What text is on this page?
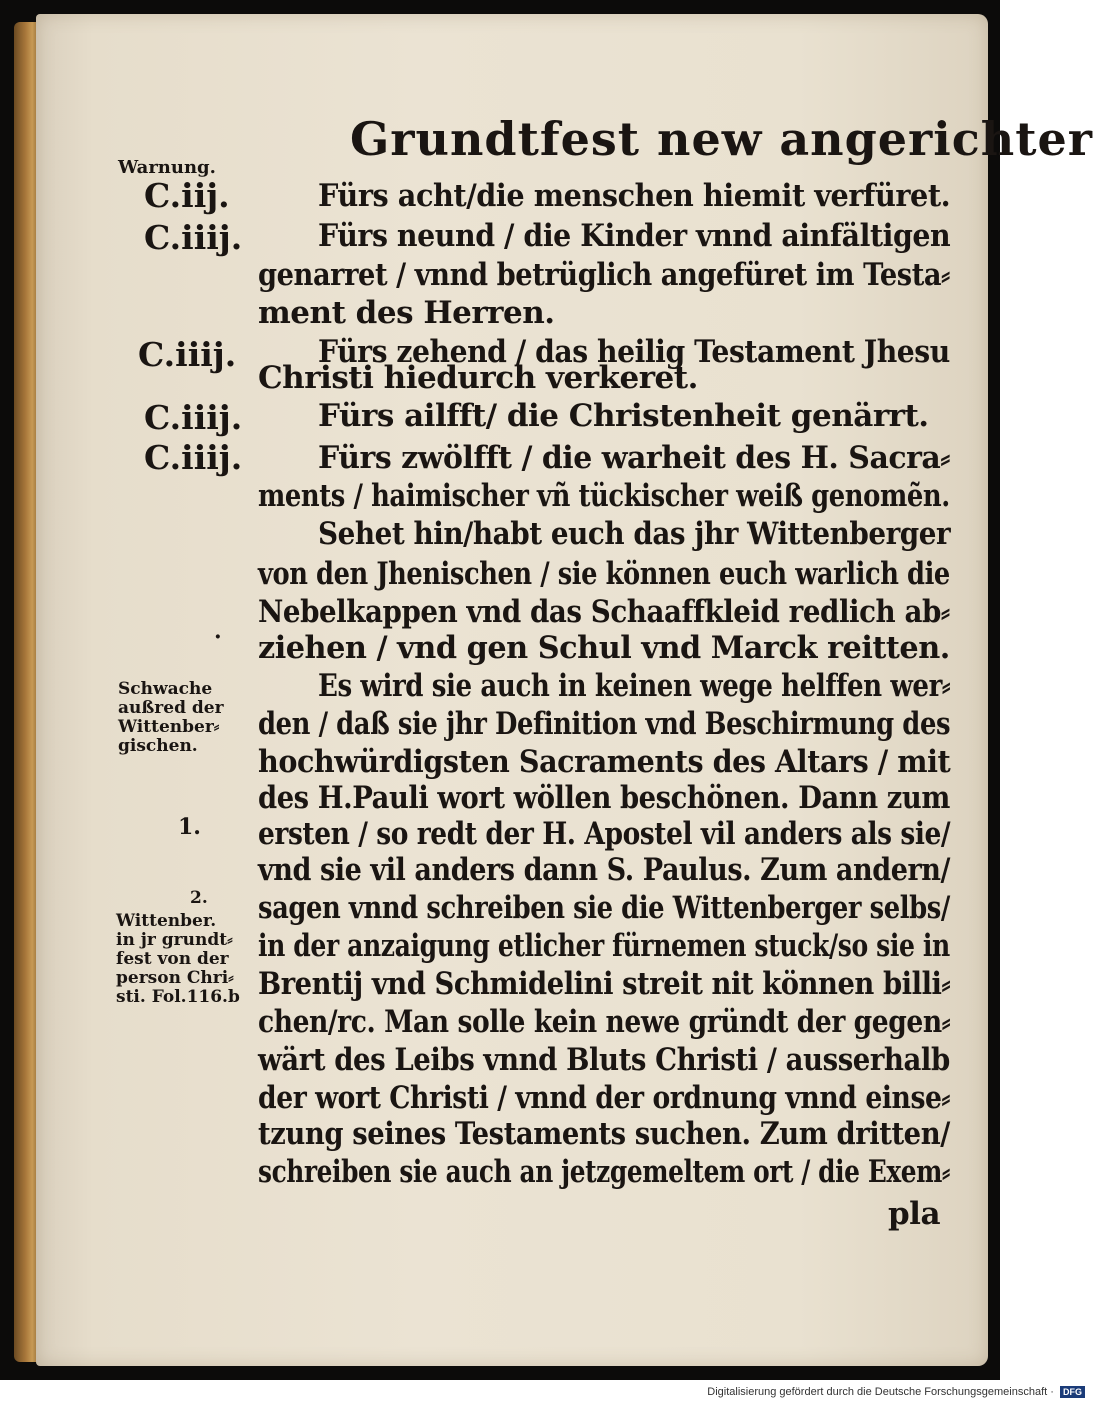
Grundtfest new angerichter
Warnung.
C.iij.
C.iiij.
C.iiij.
C.iiij.
C.iiij.
·
Schwache
außred der
Wittenber⸗
gischen.
1.
2.
Wittenber.
in jr grundt⸗
fest von der
person Chri⸗
sti. Fol.116.b
Fürs acht/die menschen hiemit verfüret.
Fürs neund / die Kinder vnnd ainfältigen
genarret / vnnd betrüglich angefüret im Testa⸗
ment des Herren.
Fürs zehend / das heilig Testament Jhesu
Christi hiedurch verkeret.
Fürs ailfft/ die Christenheit genärrt.
Fürs zwölfft / die warheit des H. Sacra⸗
ments / haimischer vñ tückischer weiß genomẽn.
Sehet hin/habt euch das jhr Wittenberger
von den Jhenischen / sie können euch warlich die
Nebelkappen vnd das Schaaffkleid redlich ab⸗
ziehen / vnd gen Schul vnd Marck reitten.
Es wird sie auch in keinen wege helffen wer⸗
den / daß sie jhr Definition vnd Beschirmung des
hochwürdigsten Sacraments des Altars / mit
des H.Pauli wort wöllen beschönen. Dann zum
ersten / so redt der H. Apostel vil anders als sie/
vnd sie vil anders dann S. Paulus. Zum andern/
sagen vnnd schreiben sie die Wittenberger selbs/
in der anzaigung etlicher fürnemen stuck/so sie in
Brentij vnd Schmidelini streit nit können billi⸗
chen/rc. Man solle kein newe gründt der gegen⸗
wärt des Leibs vnnd Bluts Christi / ausserhalb
der wort Christi / vnnd der ordnung vnnd einse⸗
tzung seines Testaments suchen. Zum dritten/
schreiben sie auch an jetzgemeltem ort / die Exem⸗
pla
Digitalisierung gefördert durch die Deutsche Forschungsgemeinschaft · DFG
